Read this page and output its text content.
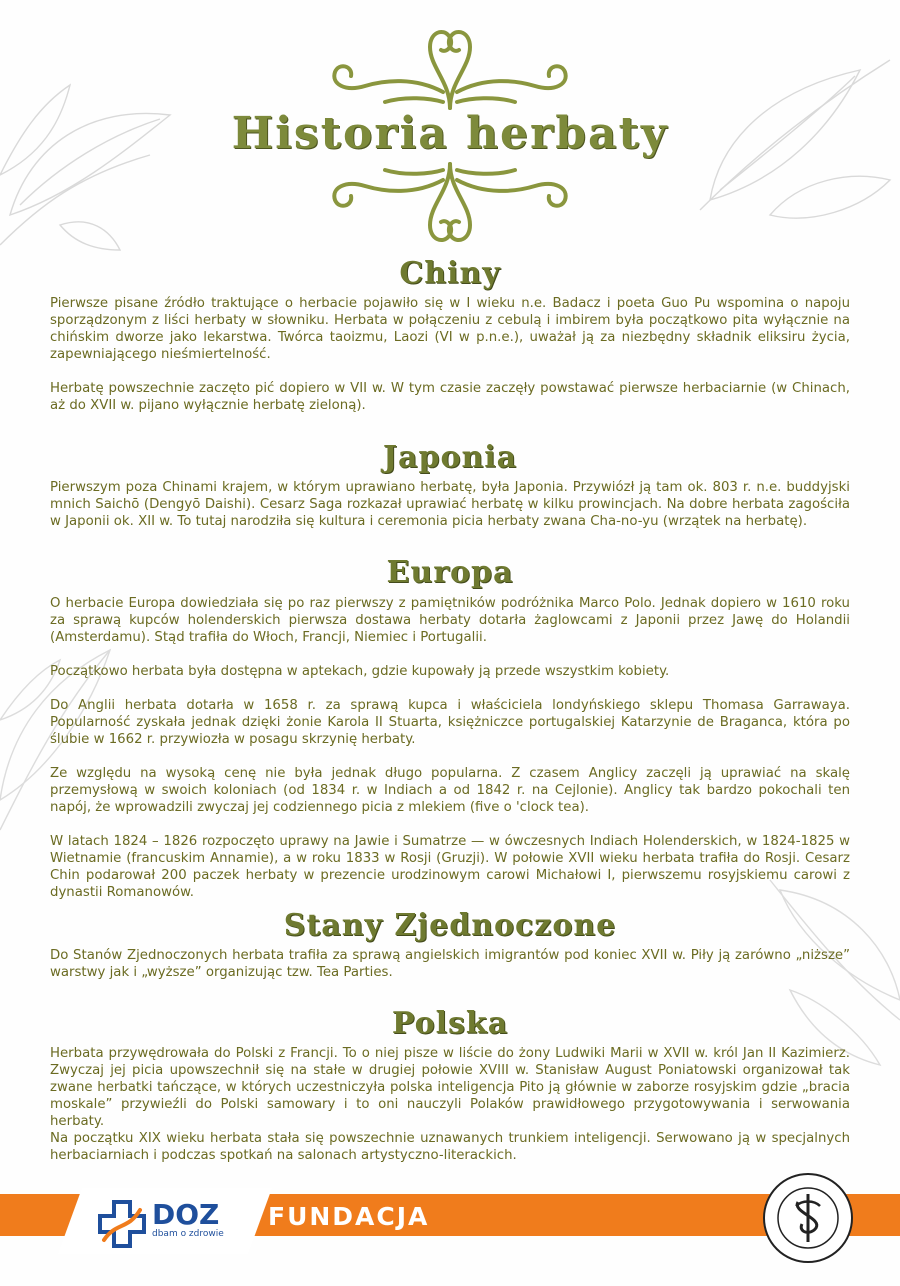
Historia herbaty
Chiny

Pierwsze pisane źródło traktujące o herbacie pojawiło się w I wieku n.e. Badacz i poeta Guo Pu wspomina o napoju sporządzonym z liści herbaty w słowniku. Herbata w połączeniu z cebulą i imbirem była początkowo pita wyłącznie na chińskim dworze jako lekarstwa. Twórca taoizmu, Laozi (VI w p.n.e.), uważał ją za niezbędny składnik eliksiru życia, zapewniającego nieśmiertelność.

Herbatę powszechnie zaczęto pić dopiero w VII w. W tym czasie zaczęły powstawać pierwsze herbaciarnie (w Chinach, aż do XVII w. pijano wyłącznie herbatę zieloną).

Japonia

Pierwszym poza Chinami krajem, w którym uprawiano herbatę, była Japonia. Przywiózł ją tam ok. 803 r. n.e. buddyjski mnich Saichō (Dengyō Daishi). Cesarz Saga rozkazał uprawiać herbatę w kilku prowincjach. Na dobre herbata zagościła w Japonii ok. XII w. To tutaj narodziła się kultura i ceremonia picia herbaty zwana Cha-no-yu (wrzątek na herbatę).

Europa

O herbacie Europa dowiedziała się po raz pierwszy z pamiętników podróżnika Marco Polo. Jednak dopiero w 1610 roku za sprawą kupców holenderskich pierwsza dostawa herbaty dotarła żaglowcami z Japonii przez Jawę do Holandii (Amsterdamu). Stąd trafiła do Włoch, Francji, Niemiec i Portugalii.

Początkowo herbata była dostępna w aptekach, gdzie kupowały ją przede wszystkim kobiety.

Do Anglii herbata dotarła w 1658 r. za sprawą kupca i właściciela londyńskiego sklepu Thomasa Garrawaya. Popularność zyskała jednak dzięki żonie Karola II Stuarta, księżniczce portugalskiej Katarzynie de Braganca, która po ślubie w 1662 r. przywiozła w posagu skrzynię herbaty.

Ze względu na wysoką cenę nie była jednak długo popularna. Z czasem Anglicy zaczęli ją uprawiać na skalę przemysłową w swoich koloniach (od 1834 r. w Indiach a od 1842 r. na Cejlonie). Anglicy tak bardzo pokochali ten napój, że wprowadzili zwyczaj jej codziennego picia z mlekiem (five o 'clock tea).

W latach 1824 – 1826 rozpoczęto uprawy na Jawie i Sumatrze — w ówczesnych Indiach Holenderskich, w 1824-1825 w Wietnamie (francuskim Annamie), a w roku 1833 w Rosji (Gruzji). W połowie XVII wieku herbata trafiła do Rosji. Cesarz Chin podarował 200 paczek herbaty w prezencie urodzinowym carowi Michałowi I, pierwszemu rosyjskiemu carowi z dynastii Romanowów.

Stany Zjednoczone

Do Stanów Zjednoczonych herbata trafiła za sprawą angielskich imigrantów pod koniec XVII w. Piły ją zarówno „niższe” warstwy jak i „wyższe” organizując tzw. Tea Parties.

Polska

Herbata przywędrowała do Polski z Francji. To o niej pisze w liście do żony Ludwiki Marii w XVII w. król Jan II Kazimierz. Zwyczaj jej picia upowszechnił się na stałe w drugiej połowie XVIII w. Stanisław August Poniatowski organizował tak zwane herbatki tańczące, w których uczestniczyła polska inteligencja Pito ją głównie w zaborze rosyjskim gdzie „bracia moskale” przywieźli do Polski samowary i to oni nauczyli Polaków prawidłowego przygotowywania i serwowania herbaty.
Na początku XIX wieku herbata stała się powszechnie uznawanych trunkiem inteligencji. Serwowano ją w specjalnych herbaciarniach i podczas spotkań na salonach artystyczno-literackich.

DOZ
dbam o zdrowie
FUNDACJA
